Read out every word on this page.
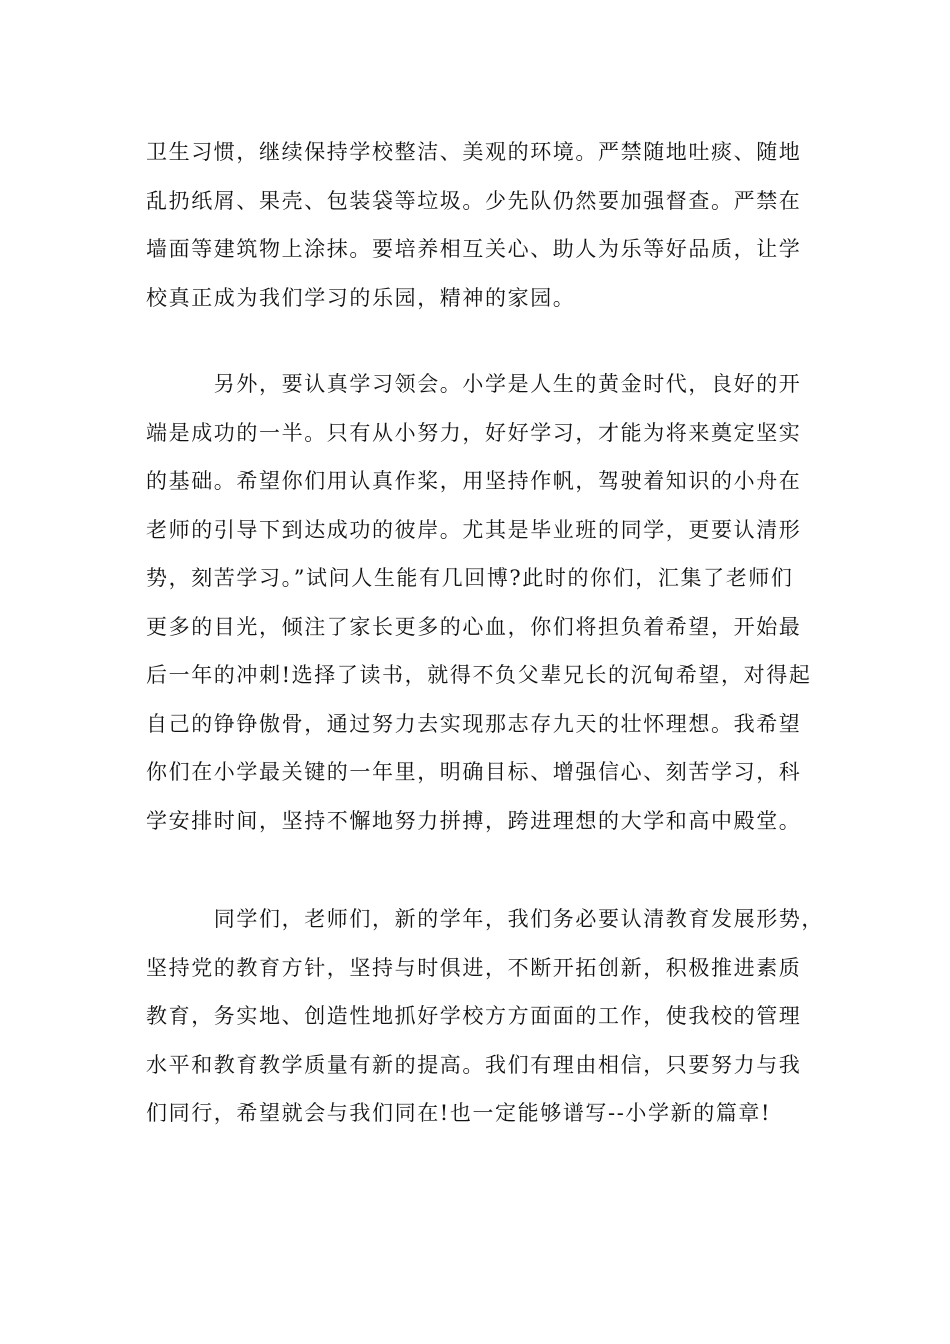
卫生习惯，继续保持学校整洁、美观的环境。严禁随地吐痰、随地
乱扔纸屑、果壳、包装袋等垃圾。少先队仍然要加强督查。严禁在
墙面等建筑物上涂抹。要培养相互关心、助人为乐等好品质，让学
校真正成为我们学习的乐园，精神的家园。

　　　另外，要认真学习领会。小学是人生的黄金时代，良好的开
端是成功的一半。只有从小努力，好好学习，才能为将来奠定坚实
的基础。希望你们用认真作桨，用坚持作帆，驾驶着知识的小舟在
老师的引导下到达成功的彼岸。尤其是毕业班的同学，更要认清形
势，刻苦学习。”试问人生能有几回博?此时的你们，汇集了老师们
更多的目光，倾注了家长更多的心血，你们将担负着希望，开始最
后一年的冲刺!选择了读书，就得不负父辈兄长的沉甸希望，对得起
自己的铮铮傲骨，通过努力去实现那志存九天的壮怀理想。我希望
你们在小学最关键的一年里，明确目标、增强信心、刻苦学习，科
学安排时间，坚持不懈地努力拼搏，跨进理想的大学和高中殿堂。

　　　同学们，老师们，新的学年，我们务必要认清教育发展形势，
坚持党的教育方针，坚持与时俱进，不断开拓创新，积极推进素质
教育，务实地、创造性地抓好学校方方面面的工作，使我校的管理
水平和教育教学质量有新的提高。我们有理由相信，只要努力与我
们同行，希望就会与我们同在!也一定能够谱写--小学新的篇章!
